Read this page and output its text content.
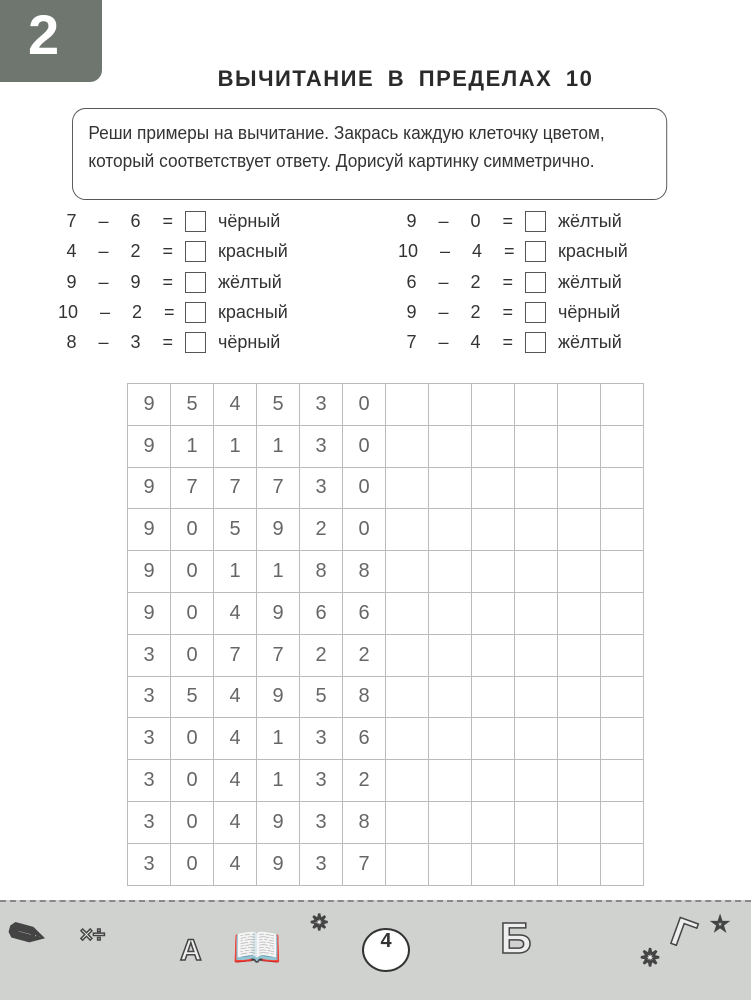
2
ВЫЧИТАНИЕ В ПРЕДЕЛАХ 10
Реши примеры на вычитание. Закрась каждую клеточку цветом, который соответствует ответу. Дорисуй картинку симметрично.
7  –  6  =	чёрный
4  –  2  =	красный
9  –  9  =	жёлтый
10  –  2  = красный
8  –  3  =	чёрный
9  –  0  =	жёлтый
10  –  4  = красный
6  –  2  =	жёлтый
9  –  2  =	чёрный
7  –  4  =	жёлтый
9	5	4	5	3	0						
9	1	1	1	3	0						
9	7	7	7	3	0						
9	0	5	9	2	0						
9	0	1	1	8	8						
9	0	4	9	6	6						
3	0	7	7	2	2						
3	5	4	9	5	8						
3	0	4	1	3	6						
3	0	4	1	3	2						
3	0	4	9	3	8						
3	0	4	9	3	7						
✎ ×÷	А 📖
✷	Б	✷ Г ☆
4
